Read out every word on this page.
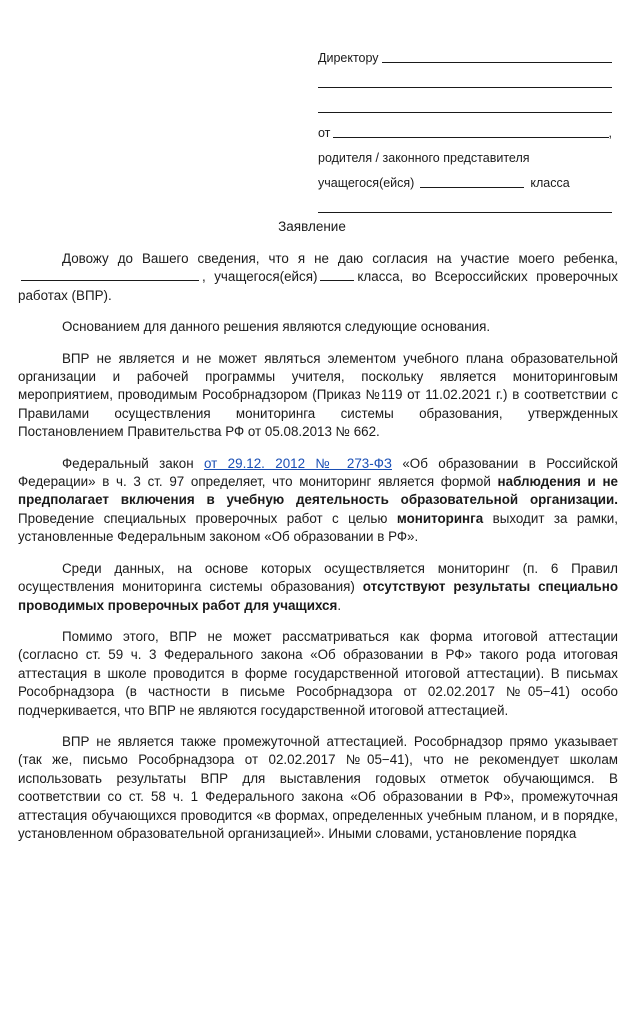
Директору
от	,
родителя / законного представителя
учащегося(ейся)	класса
Заявление

Довожу до Вашего сведения, что я не даю согласия на участие моего ребенка,, учащегося(ейся)	класса, во Всероссийских проверочных работах (ВПР).

Основанием для данного решения являются следующие основания.

ВПР не является и не может являться элементом учебного плана образовательной организации и рабочей программы учителя, поскольку является мониторинговым мероприятием, проводимым Рособрнадзором (Приказ №119 от 11.02.2021 г.) в соответствии с Правилами осуществления мониторинга системы образования, утвержденных Постановлением Правительства РФ от 05.08.2013 № 662.

Федеральный закон от 29.12. 2012 № 273-ФЗ «Об образовании в Российской Федерации» в ч. 3 ст. 97 определяет, что мониторинг является формой наблюдения и не предполагает включения в учебную деятельность образовательной организации. Проведение специальных проверочных работ с целью мониторинга выходит за рамки, установленные Федеральным законом «Об образовании в РФ».

Среди данных, на основе которых осуществляется мониторинг (п. 6 Правил осуществления мониторинга системы образования) отсутствуют результаты специально проводимых проверочных работ для учащихся.

Помимо этого, ВПР не может рассматриваться как форма итоговой аттестации (согласно ст. 59 ч. 3 Федерального закона «Об образовании в РФ» такого рода итоговая аттестация в школе проводится в форме государственной итоговой аттестации). В письмах Рособрнадзора (в частности в письме Рособрнадзора от 02.02.2017 №05−41) особо подчеркивается, что ВПР не являются государственной итоговой аттестацией.

ВПР не является также промежуточной аттестацией. Рособрнадзор прямо указывает (так же, письмо Рособрнадзора от 02.02.2017 №05−41), что не рекомендует школам использовать результаты ВПР для выставления годовых отметок обучающимся. В соответствии со ст. 58 ч. 1 Федерального закона «Об образовании в РФ», промежуточная аттестация обучающихся проводится «в формах, определенных учебным планом, и в порядке, установленном образовательной организацией». Иными словами, установление порядка
